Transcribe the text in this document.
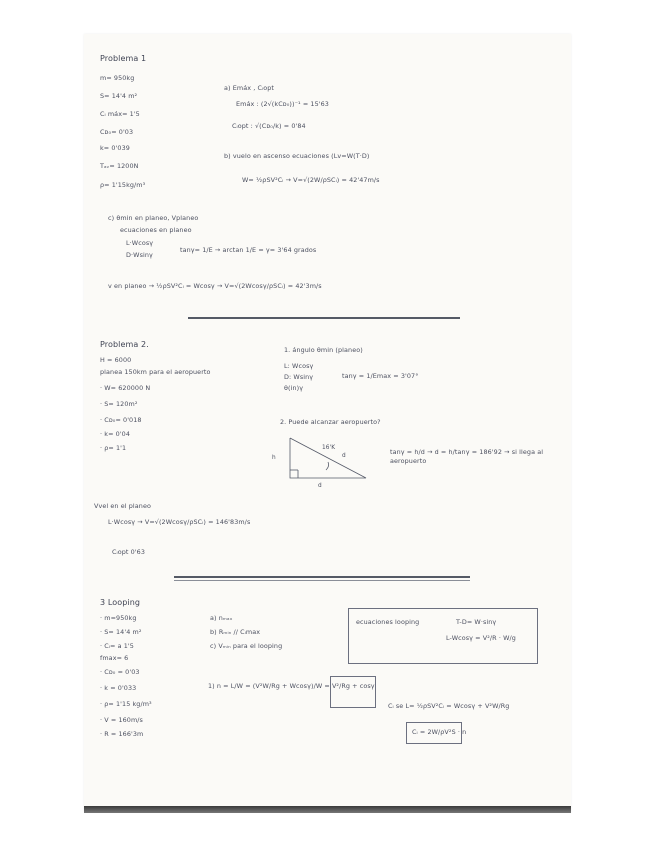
Problema 1
m= 950kg
S= 14'4 m²
Cₗ máx= 1'5
Cᴅ₀= 0'03
k= 0'039
Tₐᵥ= 1200N
ρ= 1'15kg/m³
a) Emáx , Cₗopt
Emáx : (2√(kCᴅ₀))⁻¹ = 15'63
Cₗopt : √(Cᴅ₀/k) = 0'84
b) vuelo en ascenso ecuaciones (Lv=W(T·D)
W= ½ρSV²Cₗ → V=√(2W/ρSCₗ) = 42'47m/s
c) θmin en planeo, Vplaneo
ecuaciones en planeo
L·Wcosγ
D·Wsinγ
tanγ= 1/E → arctan 1/E = γ= 3'64 grados
v en planeo → ½ρSV²Cₗ = Wcosγ → V=√(2Wcosγ/ρSCₗ) = 42'3m/s
Problema 2.
H = 6000
planea 150km para el aeropuerto
· W= 620000 N
· S= 120m²
· Cᴅ₀= 0'018
· k= 0'04
· ρ= 1'1
1. ángulo θmin (planeo)
L: Wcosγ
D: Wsinγ
θ(in)γ
tanγ = 1/Emax = 3'07°
2. Puede alcanzar aeropuerto?
h
16'K
d
d
tanγ = h/d → d = h/tanγ = 186'92 → si llega al aeropuerto
Vvel en el planeo
L·Wcosγ → V=√(2Wcosγ/ρSCₗ) = 146'83m/s
Cₗopt 0'63
3 Looping
· m=950kg
· S= 14'4 m²
· Cₗ= a 1'5
fmax= 6
· Cᴅ₀ = 0'03
· k = 0'033
· ρ= 1'15 kg/m³
· V = 160m/s
· R = 166'3m
a) nₘₐₓ
b) Rₘᵢₙ // Cₗmax
c) Vₘᵢₙ para el looping
ecuaciones looping	T-D= W·sinγ
L-Wcosγ = V²/R · W/g
1) n = L/W = (V²W/Rg + Wcosγ)/W = V²/Rg + cosγ
Cₗ se L= ½ρSV²Cₗ = Wcosγ + V²W/Rg
Cₗ = 2W/ρV²S · n
